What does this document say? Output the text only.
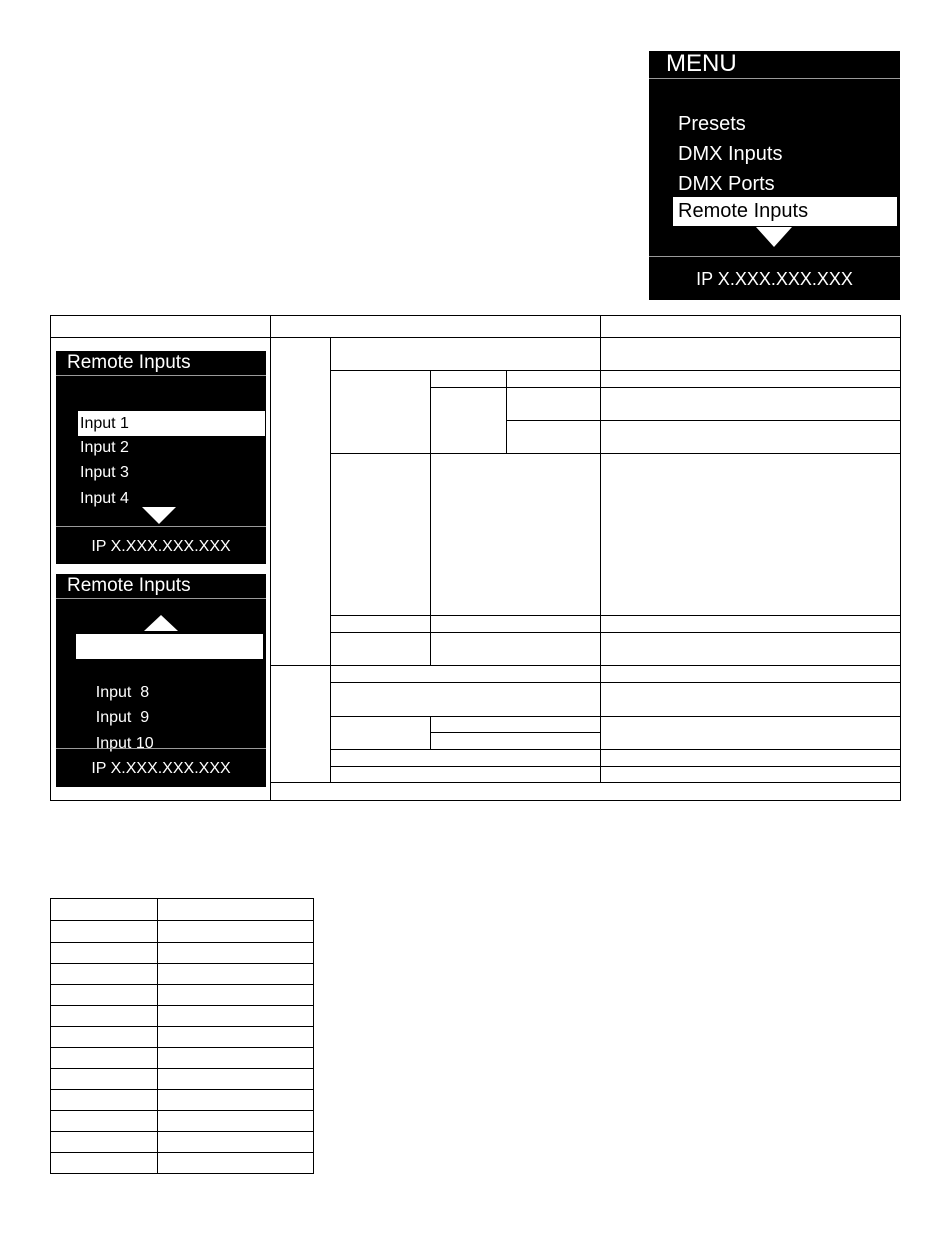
MENU
Presets
DMX Inputs
DMX Ports
Remote Inputs
IP X.XXX.XXX.XXX
Remote Inputs
Input 1
Input 2
Input 3
Input 4
IP X.XXX.XXX.XXX
Remote Inputs

Input  7

Input  8

Input  9

Input 10

IP X.XXX.XXX.XXX
